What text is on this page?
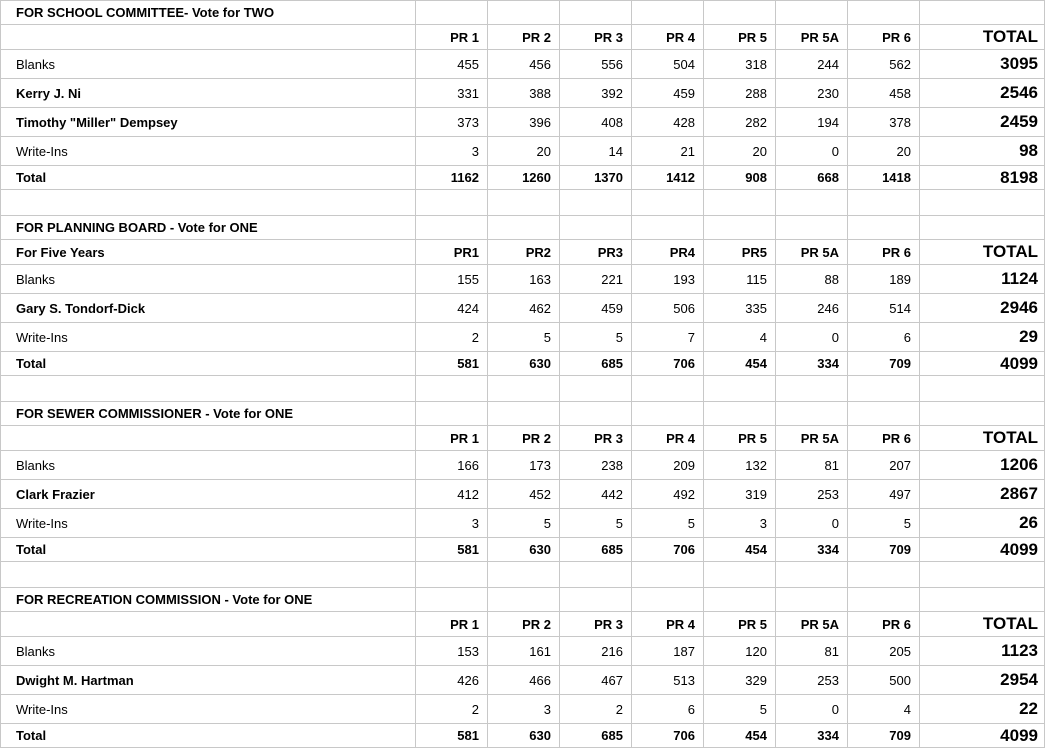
FOR SCHOOL COMMITTEE- Vote for TWO								
	PR 1	PR 2	PR 3	PR 4	PR 5	PR 5A	PR 6	TOTAL
Blanks	455	456	556	504	318	244	562	3095
Kerry J. Ni	331	388	392	459	288	230	458	2546
Timothy "Miller" Dempsey	373	396	408	428	282	194	378	2459
Write-Ins	3	20	14	21	20	0	20	98
Total	1162	1260	1370	1412	908	668	1418	8198

FOR PLANNING BOARD - Vote for ONE								
For Five Years	PR1	PR2	PR3	PR4	PR5	PR 5A	PR 6	TOTAL
Blanks	155	163	221	193	115	88	189	1124
Gary S. Tondorf-Dick	424	462	459	506	335	246	514	2946
Write-Ins	2	5	5	7	4	0	6	29
Total	581	630	685	706	454	334	709	4099

FOR SEWER COMMISSIONER - Vote for ONE								
	PR 1	PR 2	PR 3	PR 4	PR 5	PR 5A	PR 6	TOTAL
Blanks	166	173	238	209	132	81	207	1206
Clark Frazier	412	452	442	492	319	253	497	2867
Write-Ins	3	5	5	5	3	0	5	26
Total	581	630	685	706	454	334	709	4099

FOR RECREATION COMMISSION - Vote for ONE								
	PR 1	PR 2	PR 3	PR 4	PR 5	PR 5A	PR 6	TOTAL
Blanks	153	161	216	187	120	81	205	1123
Dwight M. Hartman	426	466	467	513	329	253	500	2954
Write-Ins	2	3	2	6	5	0	4	22
Total	581	630	685	706	454	334	709	4099
